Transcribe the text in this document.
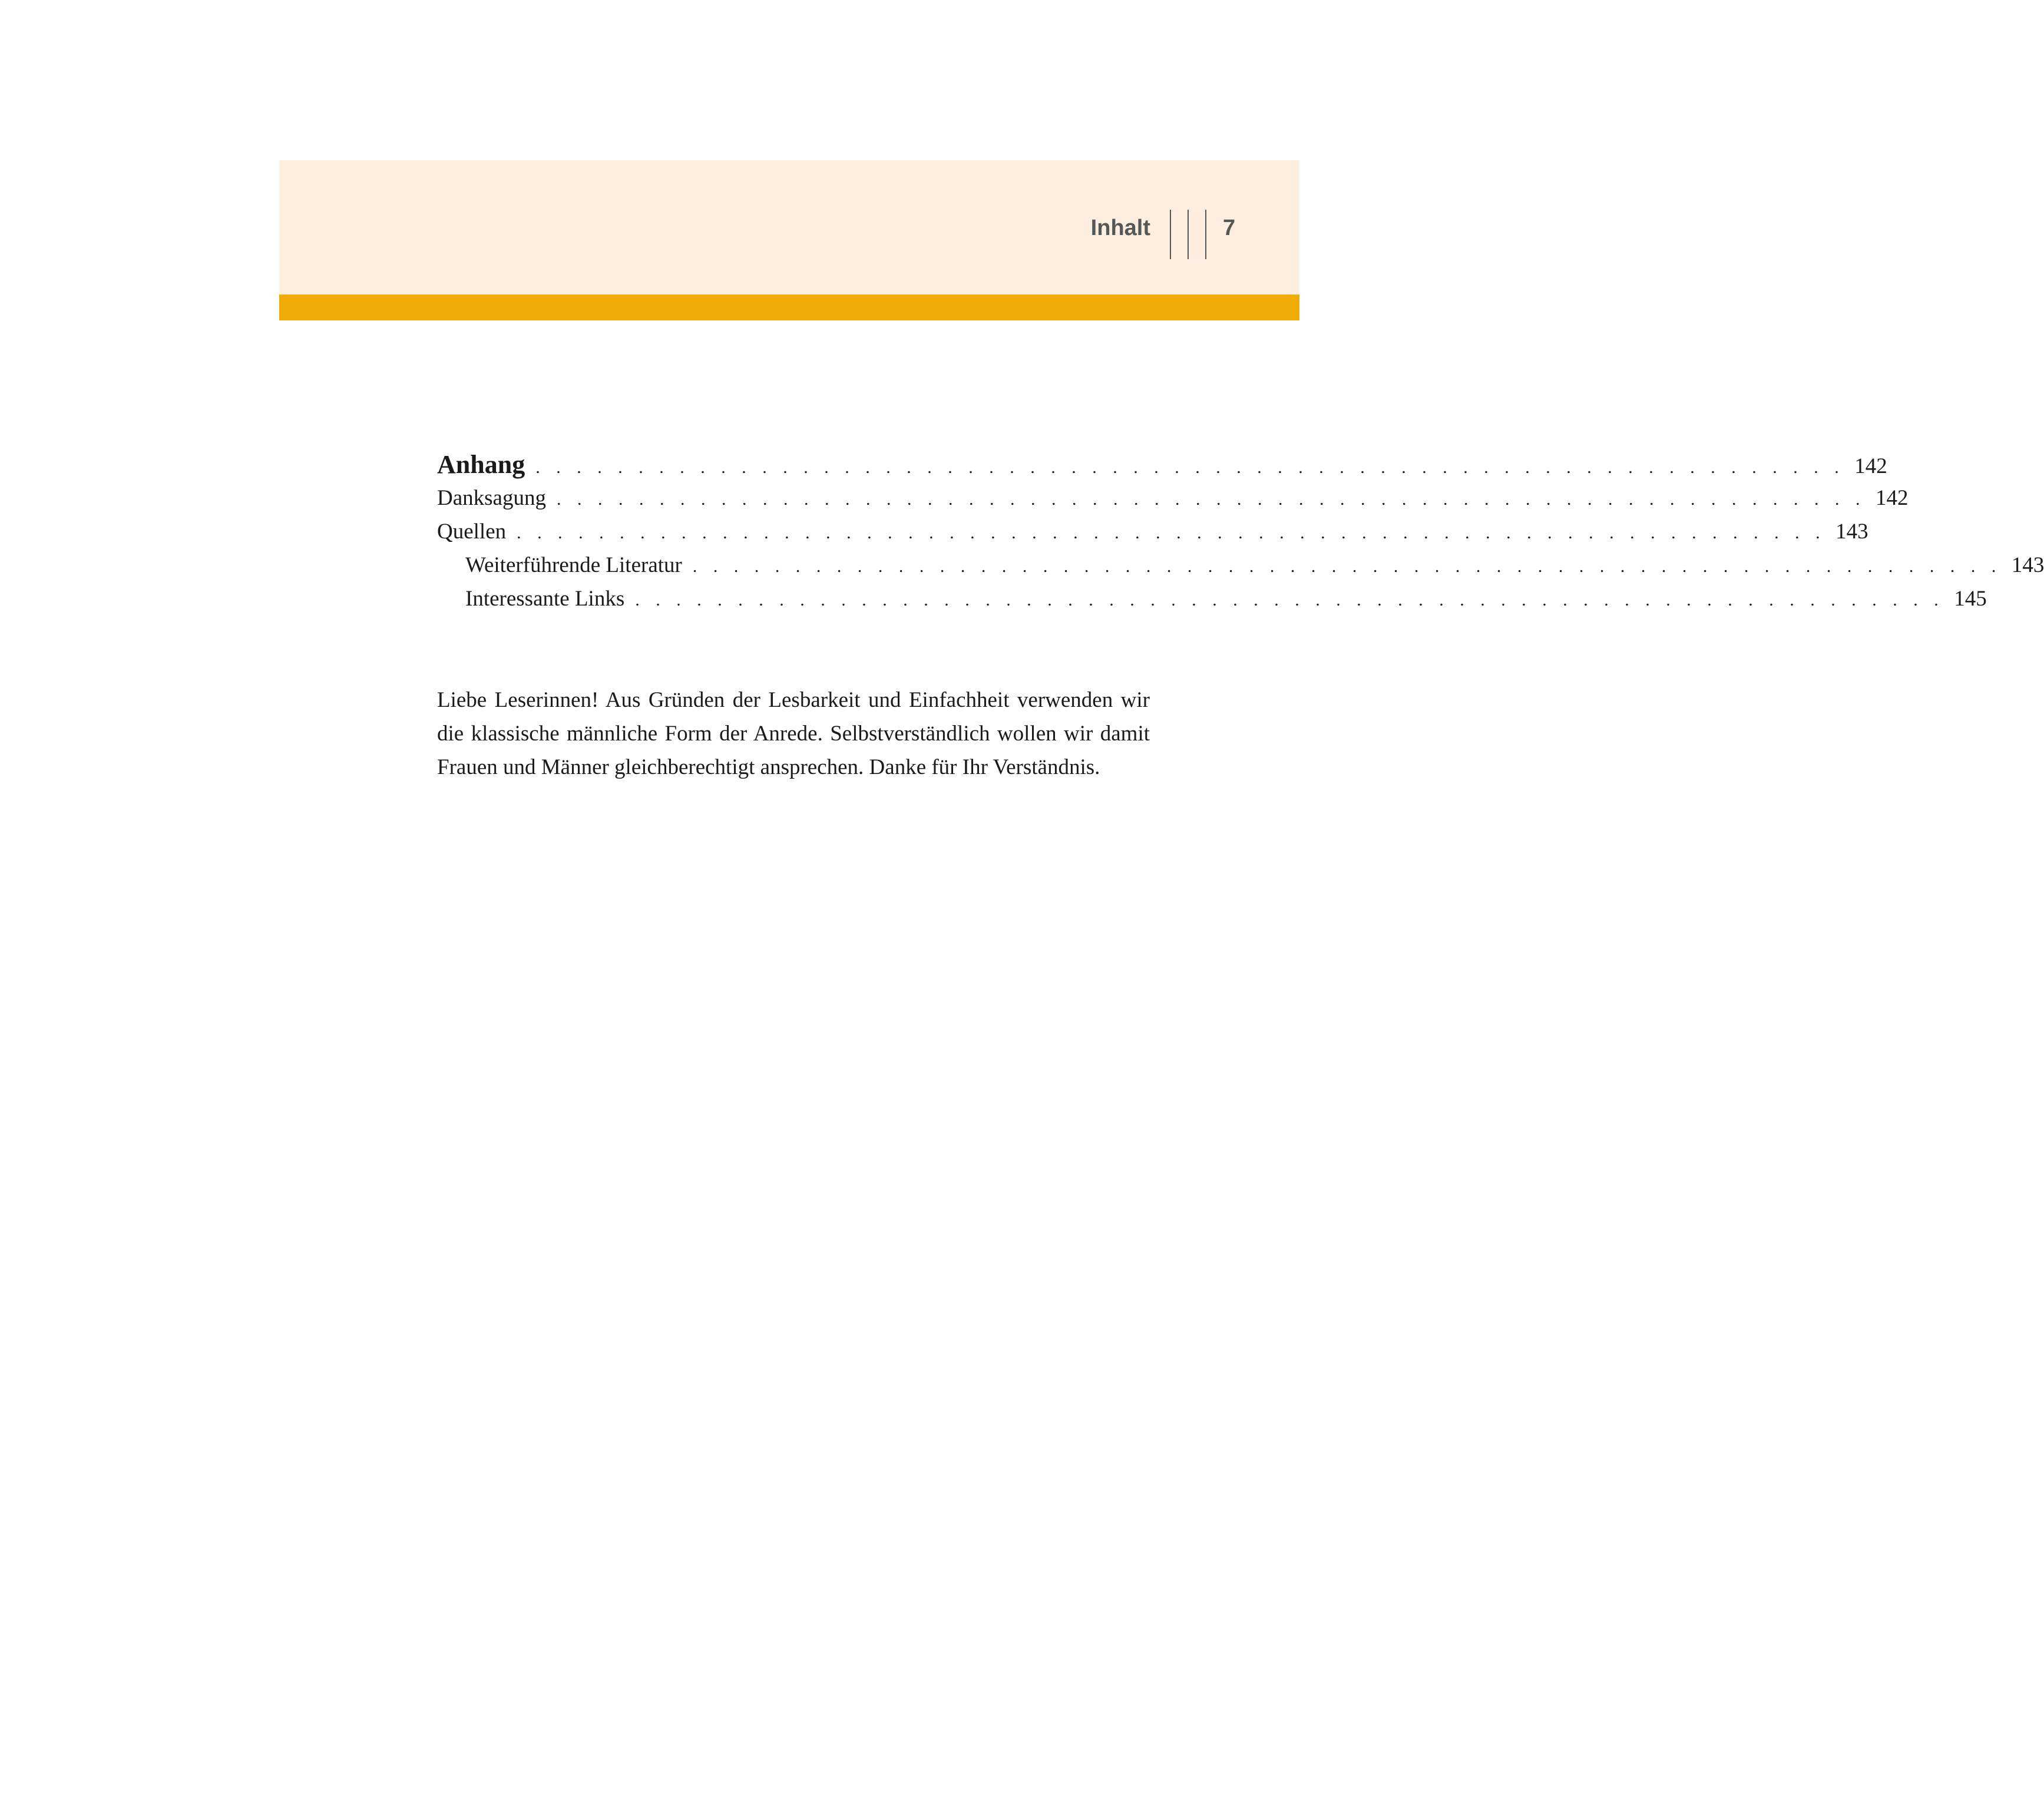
Inhalt	7
Anhang . . . . . . . . . . . . . . . . . . . . . . . . . . . . . . . . . . . . . . . . . . . . . . . . . . . . . . . . . . . . . . . . 142
Danksagung . . . . . . . . . . . . . . . . . . . . . . . . . . . . . . . . . . . . . . . . . . . . . . . . . . . . . . . . . . . . . . . . 142
Quellen . . . . . . . . . . . . . . . . . . . . . . . . . . . . . . . . . . . . . . . . . . . . . . . . . . . . . . . . . . . . . . . . 143
Weiterführende Literatur . . . . . . . . . . . . . . . . . . . . . . . . . . . . . . . . . . . . . . . . . . . . . . . . . . . . . . . . . . . . . . . . 143
Interessante Links . . . . . . . . . . . . . . . . . . . . . . . . . . . . . . . . . . . . . . . . . . . . . . . . . . . . . . . . . . . . . . . . 145

Liebe Leserinnen! Aus Gründen der Lesbarkeit und Einfachheit verwenden wir die klassische männliche Form der Anrede. Selbstverständlich wollen wir damit Frauen und Männer gleichberechtigt ansprechen. Danke für Ihr Verständnis.
